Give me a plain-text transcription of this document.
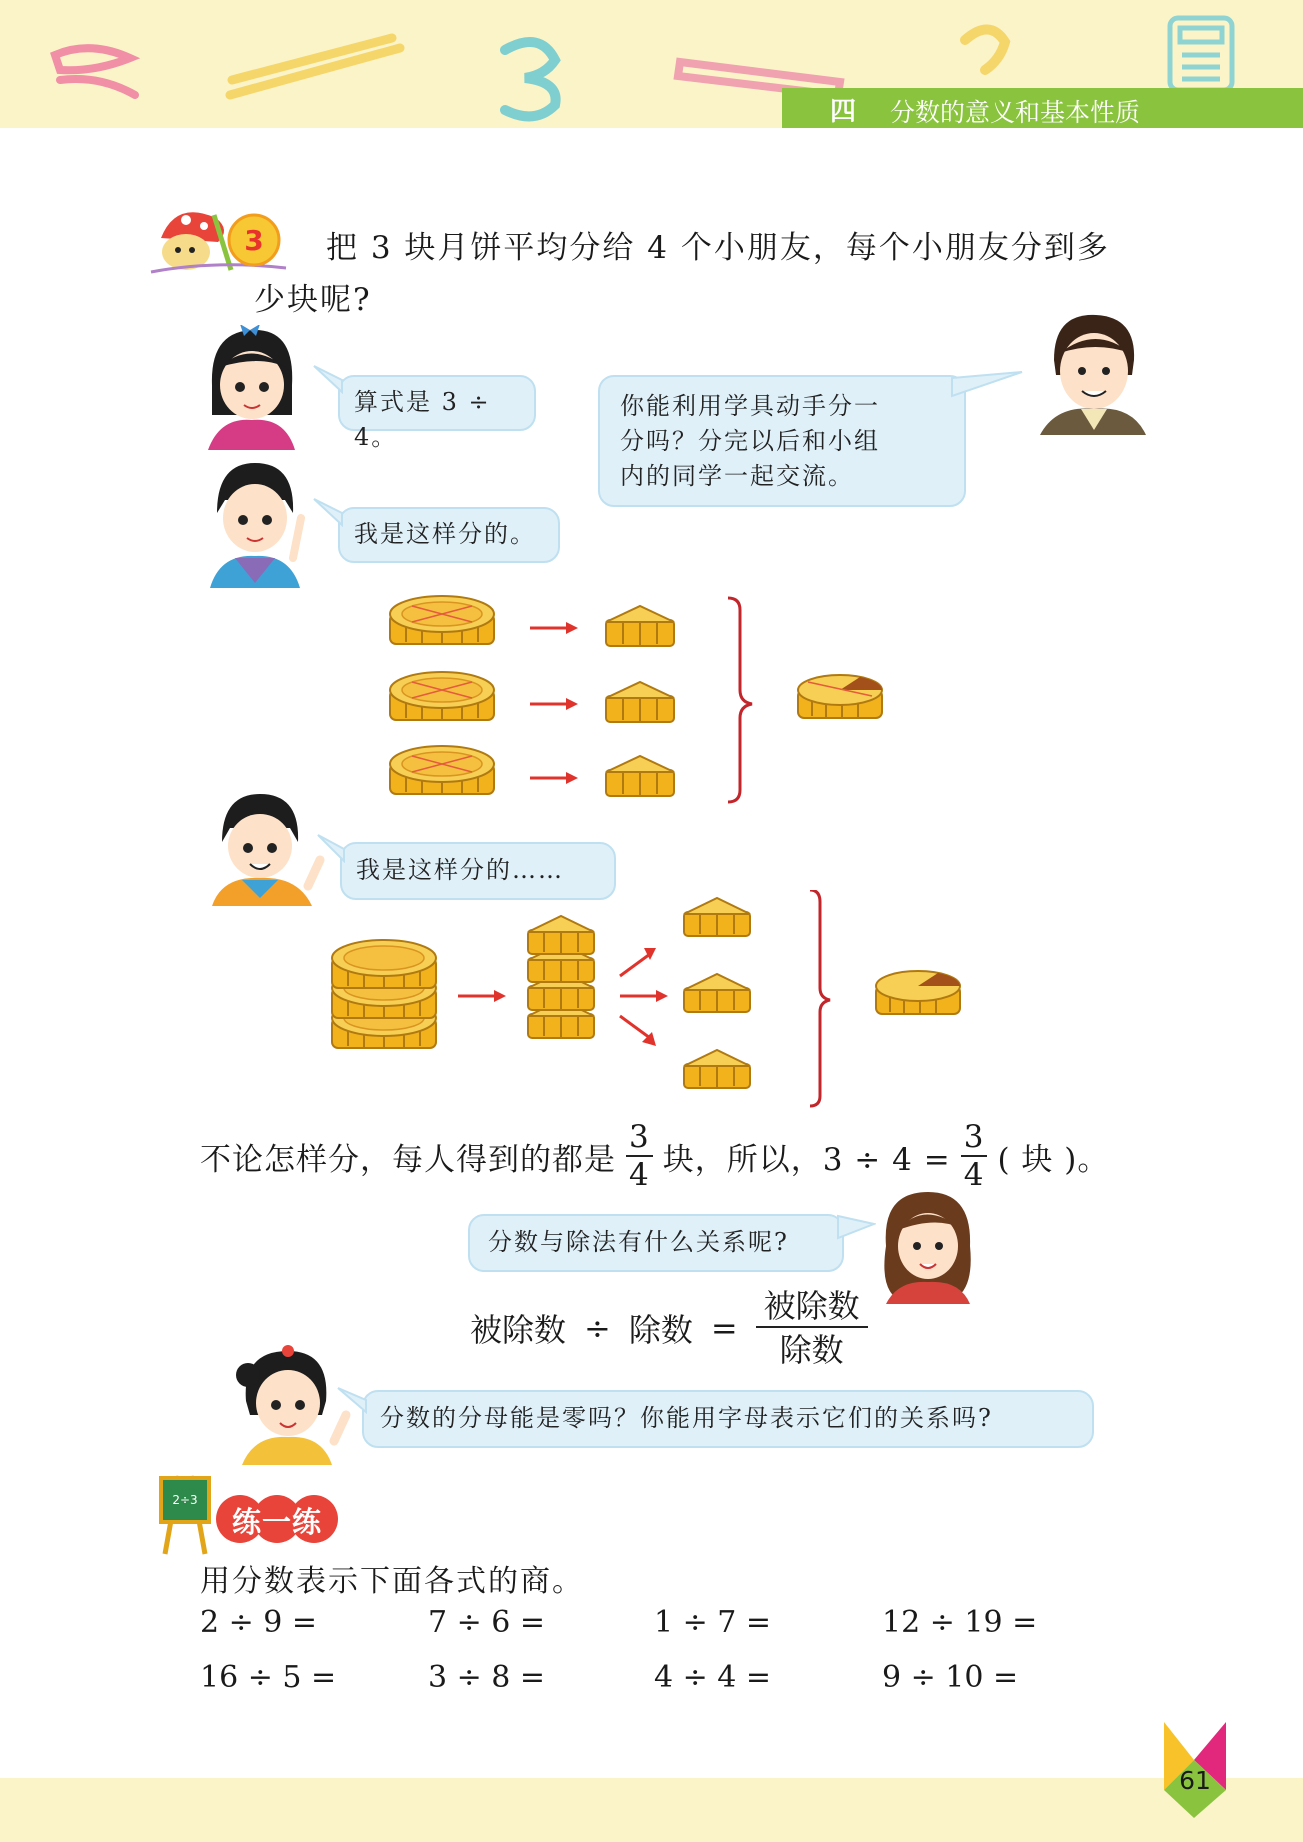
四 分数的意义和基本性质
3 把 3 块月饼平均分给 4 个小朋友，每个小朋友分到多
少块呢?
算式是 3 ÷ 4。
你能利用学具动手分一
分吗？分完以后和小组
内的同学一起交流。
我是这样分的。
我是这样分的……
不论怎样分，每人得到的都是 $\frac{3}{4}$ 块，所以，$3 \div 4 = \frac{3}{4}$ ( 块 )。
分数与除法有什么关系呢?
被除数 ÷ 除数 = $\frac{\text{被除数}}{\text{除数}}$
分数的分母能是零吗？你能用字母表示它们的关系吗?
2÷3
练一练
用分数表示下面各式的商。
2 ÷ 9 =	7 ÷ 6 =	1 ÷ 7 =	12 ÷ 19 =
16 ÷ 5 =	3 ÷ 8 =	4 ÷ 4 =	9 ÷ 10 =
61
